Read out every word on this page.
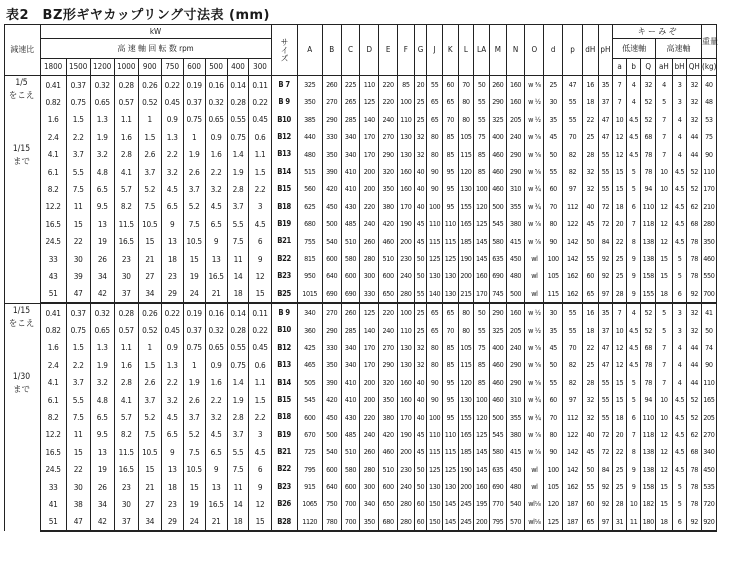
表2　BZ形ギヤカップリング寸法表 (mm)
減速比	kW										サイズ	A	B	C	D	E	F	G	J	K	L	LA	M	N	O	d	p	dH	pH	キ ー み ぞ						重量
	高 速 軸 回 転 数 rpm																													低速軸			高速軸			
	1800	1500	1200	1000	900	750	600	500	400	300																				a	b	Q	aH	bH	QH	(kg)

1/5
をこえ
1/15
まで	0.41	0.37	0.32	0.28	0.26	0.22	0.19	0.16	0.14	0.11	B 7	325	260	225	110	220	85	20	55	60	70	50	260	160	w ⅜	25	47	16	35	7	4	32	4	3	32	40
	0.82	0.75	0.65	0.57	0.52	0.45	0.37	0.32	0.28	0.22	B 9	350	270	265	125	220	100	25	65	65	80	55	290	160	w ½	30	55	18	37	7	4	52	5	3	32	48
	1.6	1.5	1.3	1.1	1	0.9	0.75	0.65	0.55	0.45	B10	385	290	285	140	240	110	25	65	70	80	55	325	205	w ½	35	55	22	47	10	4.5	52	7	4	32	53
	2.4	2.2	1.9	1.6	1.5	1.3	1	0.9	0.75	0.6	B12	440	330	340	170	270	130	32	80	85	105	75	400	240	w ⅝	45	70	25	47	12	4.5	68	7	4	44	75
	4.1	3.7	3.2	2.8	2.6	2.2	1.9	1.6	1.4	1.1	B13	480	350	340	170	290	130	32	80	85	115	85	460	290	w ⅝	50	82	28	55	12	4.5	78	7	4	44	90
	6.1	5.5	4.8	4.1	3.7	3.2	2.6	2.2	1.9	1.5	B14	515	390	410	200	320	160	40	90	95	120	85	460	290	w ⅝	55	82	32	55	15	5	78	10	4.5	52	110
	8.2	7.5	6.5	5.7	5.2	4.5	3.7	3.2	2.8	2.2	B15	560	420	410	200	350	160	40	90	95	130	100	460	310	w ¾	60	97	32	55	15	5	94	10	4.5	52	170
	12.2	11	9.5	8.2	7.5	6.5	5.2	4.5	3.7	3	B18	625	450	430	220	380	170	40	100	95	155	120	500	355	w ¾	70	112	40	72	18	6	110	12	4.5	62	210
	16.5	15	13	11.5	10.5	9	7.5	6.5	5.5	4.5	B19	680	500	485	240	420	190	45	110	110	165	125	545	380	w ⅞	80	122	45	72	20	7	118	12	4.5	68	280
	24.5	22	19	16.5	15	13	10.5	9	7.5	6	B21	755	540	510	260	460	200	45	115	115	185	145	580	415	w ⅞	90	142	50	84	22	8	138	12	4.5	78	350
	33	30	26	23	21	18	15	13	11	9	B22	815	600	580	280	510	230	50	125	125	190	145	635	450	wl	100	142	55	92	25	9	138	15	5	78	460
	43	39	34	30	27	23	19	16.5	14	12	B23	950	640	600	300	600	240	50	130	130	200	160	690	480	wl	105	162	60	92	25	9	158	15	5	78	550
	51	47	42	37	34	29	24	21	18	15	B25	1015	690	690	330	650	280	55	140	130	215	170	745	500	wl	115	162	65	97	28	9	155	18	6	92	700

1/15
をこえ
1/30
まで	0.41	0.37	0.32	0.28	0.26	0.22	0.19	0.16	0.14	0.11	B 9	340	270	260	125	220	100	25	65	65	80	50	290	160	w ½	30	55	16	35	7	4	52	5	3	32	41
	0.82	0.75	0.65	0.57	0.52	0.45	0.37	0.32	0.28	0.22	B10	360	290	285	140	240	110	25	65	70	80	55	325	205	w ½	35	55	18	37	10	4.5	52	5	3	32	50
	1.6	1.5	1.3	1.1	1	0.9	0.75	0.65	0.55	0.45	B12	425	330	340	170	270	130	32	80	85	105	75	400	240	w ⅝	45	70	22	47	12	4.5	68	7	4	44	74
	2.4	2.2	1.9	1.6	1.5	1.3	1	0.9	0.75	0.6	B13	465	350	340	170	290	130	32	80	85	115	85	460	290	w ⅝	50	82	25	47	12	4.5	78	7	4	44	90
	4.1	3.7	3.2	2.8	2.6	2.2	1.9	1.6	1.4	1.1	B14	505	390	410	200	320	160	40	90	95	120	85	460	290	w ⅝	55	82	28	55	15	5	78	7	4	44	110
	6.1	5.5	4.8	4.1	3.7	3.2	2.6	2.2	1.9	1.5	B15	545	420	410	200	350	160	40	90	95	130	100	460	310	w ¾	60	97	32	55	15	5	94	10	4.5	52	165
	8.2	7.5	6.5	5.7	5.2	4.5	3.7	3.2	2.8	2.2	B18	600	450	430	220	380	170	40	100	95	155	120	500	355	w ¾	70	112	32	55	18	6	110	10	4.5	52	205
	12.2	11	9.5	8.2	7.5	6.5	5.2	4.5	3.7	3	B19	670	500	485	240	420	190	45	110	110	165	125	545	380	w ⅞	80	122	40	72	20	7	118	12	4.5	62	270
	16.5	15	13	11.5	10.5	9	7.5	6.5	5.5	4.5	B21	725	540	510	260	460	200	45	115	115	185	145	580	415	w ⅞	90	142	45	72	22	8	138	12	4.5	68	340
	24.5	22	19	16.5	15	13	10.5	9	7.5	6	B22	795	600	580	280	510	230	50	125	125	190	145	635	450	wl	100	142	50	84	25	9	138	12	4.5	78	450
	33	30	26	23	21	18	15	13	11	9	B23	915	640	600	300	600	240	50	130	130	200	160	690	480	wl	105	162	55	92	25	9	158	15	5	78	535
	41	38	34	30	27	23	19	16.5	14	12	B26	1065	750	700	340	650	280	60	150	145	245	195	770	540	wl⅛	120	187	60	92	28	10	182	15	5	78	720
	51	47	42	37	34	29	24	21	18	15	B28	1120	780	700	350	680	280	60	150	145	245	200	795	570	wl⅛	125	187	65	97	31	11	180	18	6	92	920
